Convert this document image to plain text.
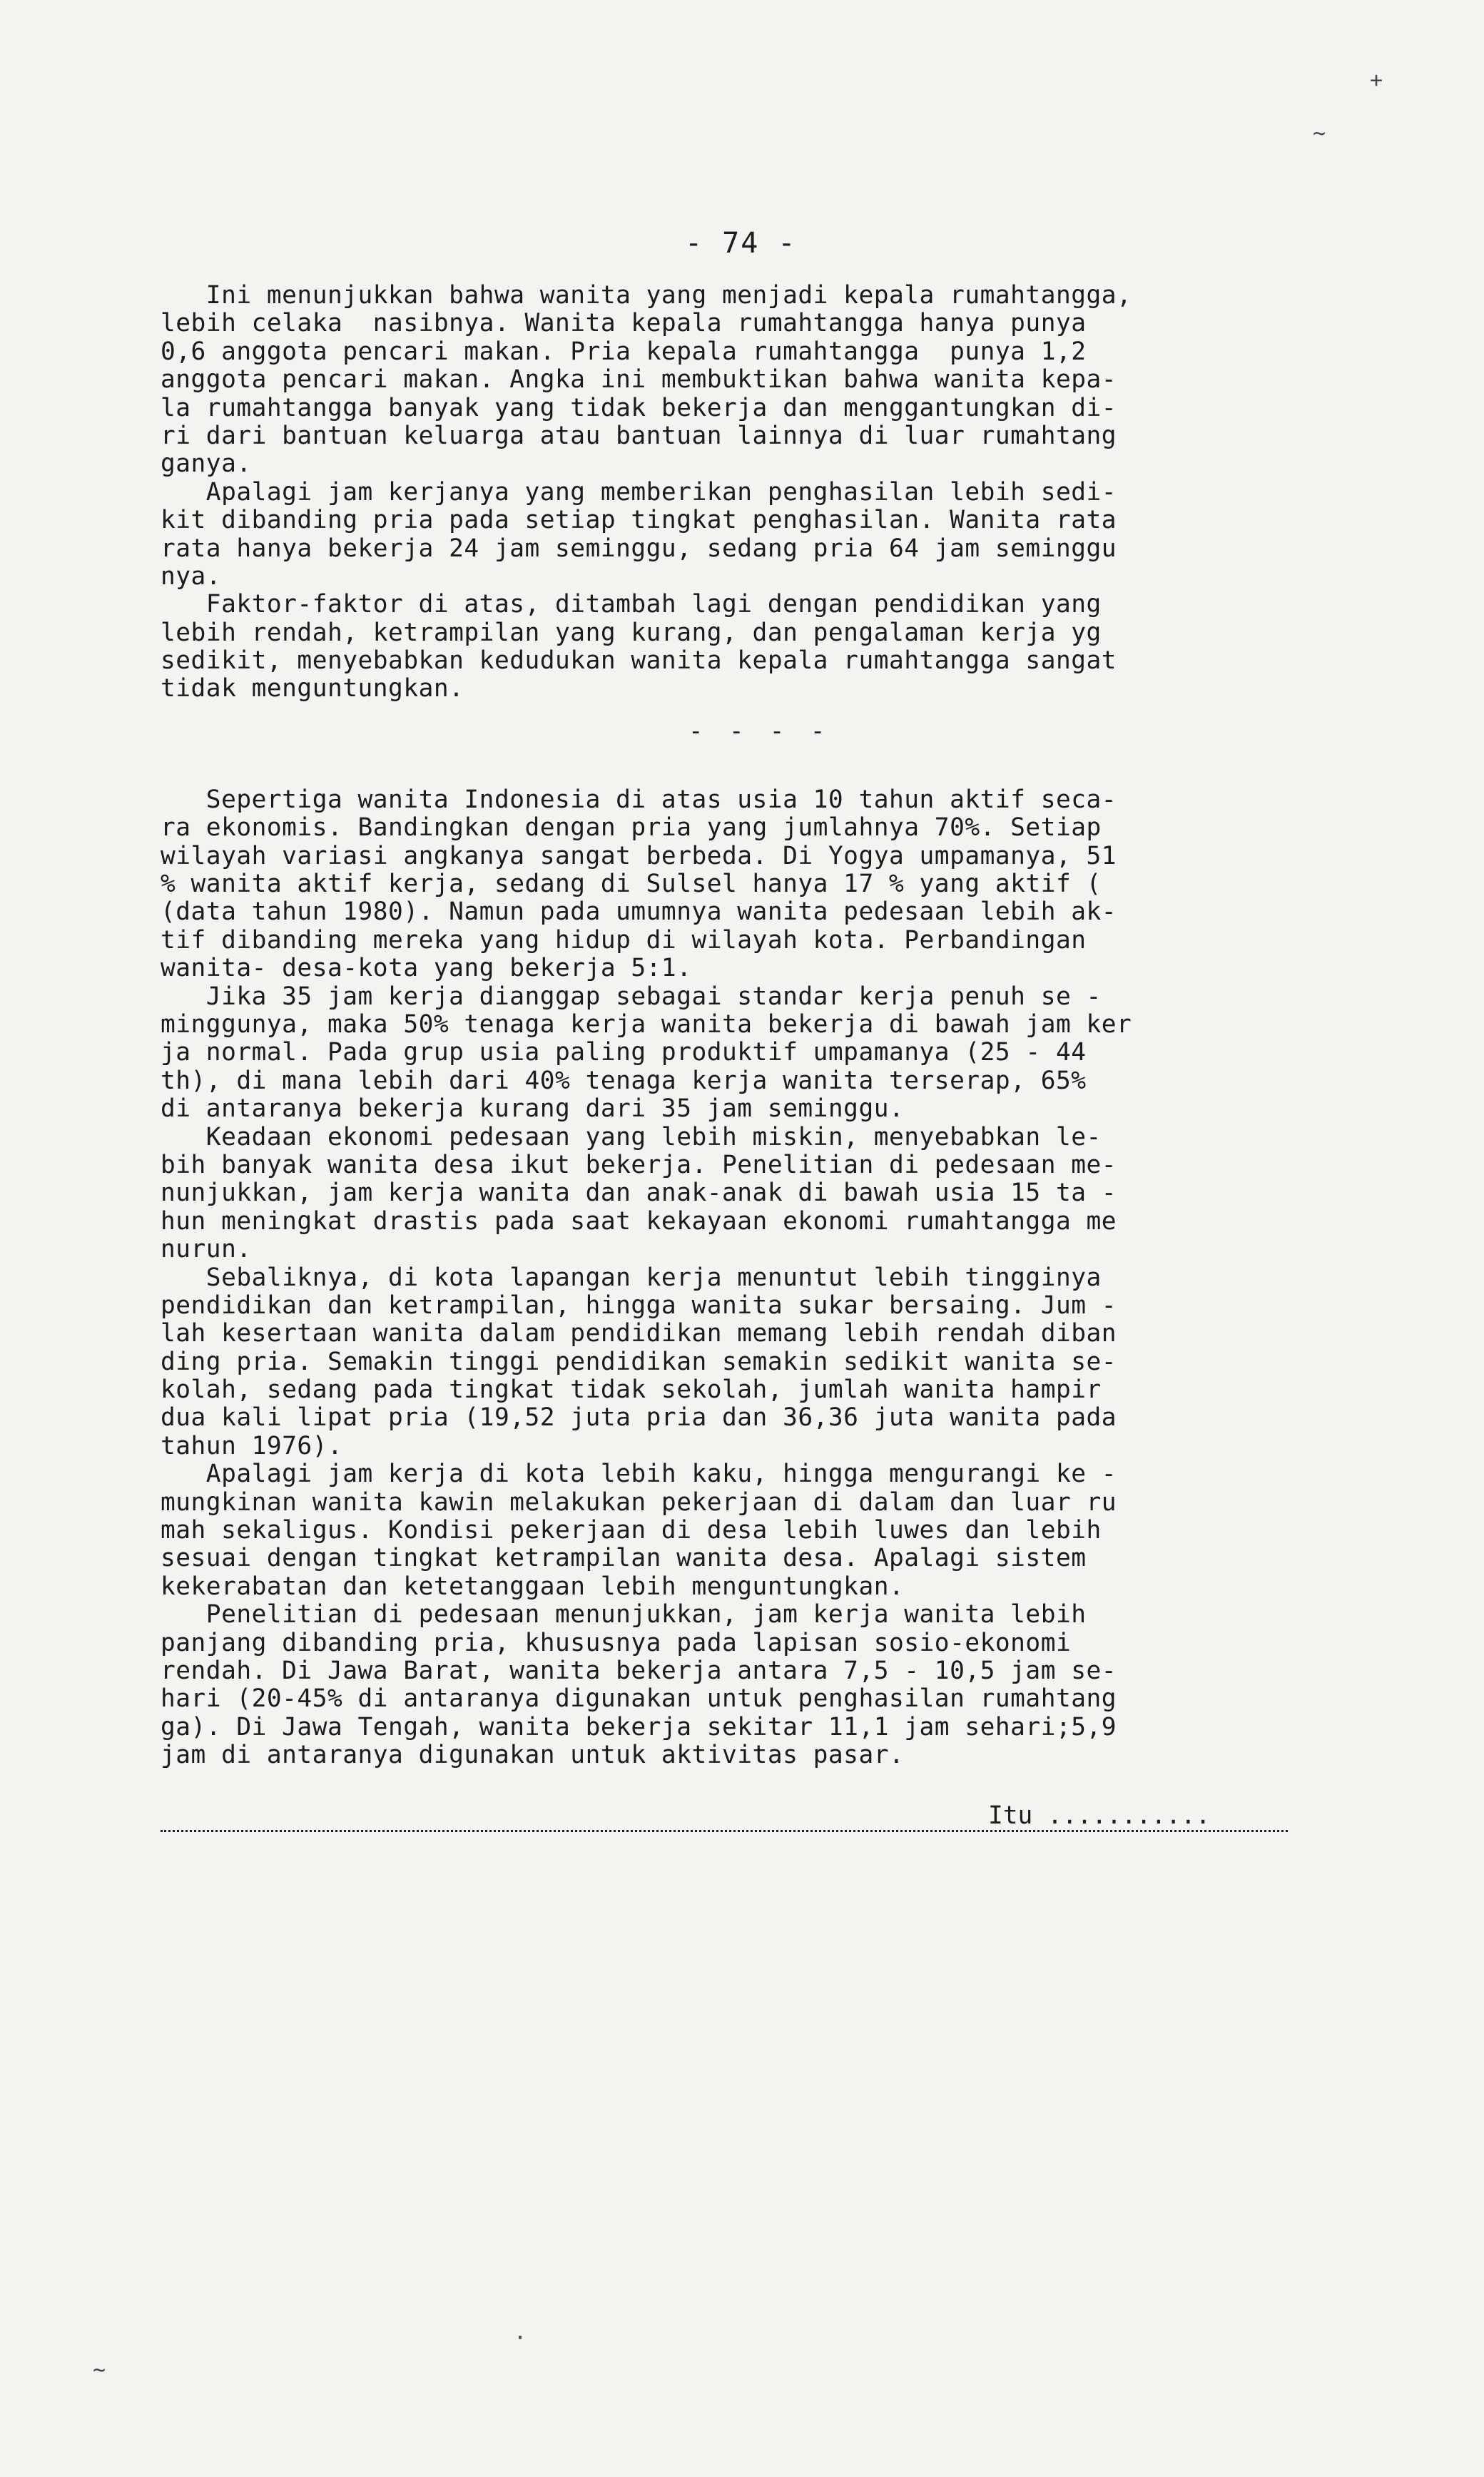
- 74 -
Ini menunjukkan bahwa wanita yang menjadi kepala rumahtangga,
lebih celaka  nasibnya. Wanita kepala rumahtangga hanya punya
0,6 anggota pencari makan. Pria kepala rumahtangga  punya 1,2
anggota pencari makan. Angka ini membuktikan bahwa wanita kepa-
la rumahtangga banyak yang tidak bekerja dan menggantungkan di-
ri dari bantuan keluarga atau bantuan lainnya di luar rumahtang
ganya.
Apalagi jam kerjanya yang memberikan penghasilan lebih sedi-
kit dibanding pria pada setiap tingkat penghasilan. Wanita rata
rata hanya bekerja 24 jam seminggu, sedang pria 64 jam seminggu
nya.
Faktor-faktor di atas, ditambah lagi dengan pendidikan yang
lebih rendah, ketrampilan yang kurang, dan pengalaman kerja yg
sedikit, menyebabkan kedudukan wanita kepala rumahtangga sangat
tidak menguntungkan.
- - - -
Sepertiga wanita Indonesia di atas usia 10 tahun aktif seca-
ra ekonomis. Bandingkan dengan pria yang jumlahnya 70%. Setiap
wilayah variasi angkanya sangat berbeda. Di Yogya umpamanya, 51
% wanita aktif kerja, sedang di Sulsel hanya 17 % yang aktif (
(data tahun 1980). Namun pada umumnya wanita pedesaan lebih ak-
tif dibanding mereka yang hidup di wilayah kota. Perbandingan
wanita- desa-kota yang bekerja 5:1.
Jika 35 jam kerja dianggap sebagai standar kerja penuh se -
minggunya, maka 50% tenaga kerja wanita bekerja di bawah jam ker
ja normal. Pada grup usia paling produktif umpamanya (25 - 44
th), di mana lebih dari 40% tenaga kerja wanita terserap, 65%
di antaranya bekerja kurang dari 35 jam seminggu.
Keadaan ekonomi pedesaan yang lebih miskin, menyebabkan le-
bih banyak wanita desa ikut bekerja. Penelitian di pedesaan me-
nunjukkan, jam kerja wanita dan anak-anak di bawah usia 15 ta -
hun meningkat drastis pada saat kekayaan ekonomi rumahtangga me
nurun.
Sebaliknya, di kota lapangan kerja menuntut lebih tingginya
pendidikan dan ketrampilan, hingga wanita sukar bersaing. Jum -
lah kesertaan wanita dalam pendidikan memang lebih rendah diban
ding pria. Semakin tinggi pendidikan semakin sedikit wanita se-
kolah, sedang pada tingkat tidak sekolah, jumlah wanita hampir
dua kali lipat pria (19,52 juta pria dan 36,36 juta wanita pada
tahun 1976).
Apalagi jam kerja di kota lebih kaku, hingga mengurangi ke -
mungkinan wanita kawin melakukan pekerjaan di dalam dan luar ru
mah sekaligus. Kondisi pekerjaan di desa lebih luwes dan lebih
sesuai dengan tingkat ketrampilan wanita desa. Apalagi sistem
kekerabatan dan ketetanggaan lebih menguntungkan.
Penelitian di pedesaan menunjukkan, jam kerja wanita lebih
panjang dibanding pria, khususnya pada lapisan sosio-ekonomi
rendah. Di Jawa Barat, wanita bekerja antara 7,5 - 10,5 jam se-
hari (20-45% di antaranya digunakan untuk penghasilan rumahtang
ga). Di Jawa Tengah, wanita bekerja sekitar 11,1 jam sehari;5,9
jam di antaranya digunakan untuk aktivitas pasar.
Itu ...........
+
~
·
~
